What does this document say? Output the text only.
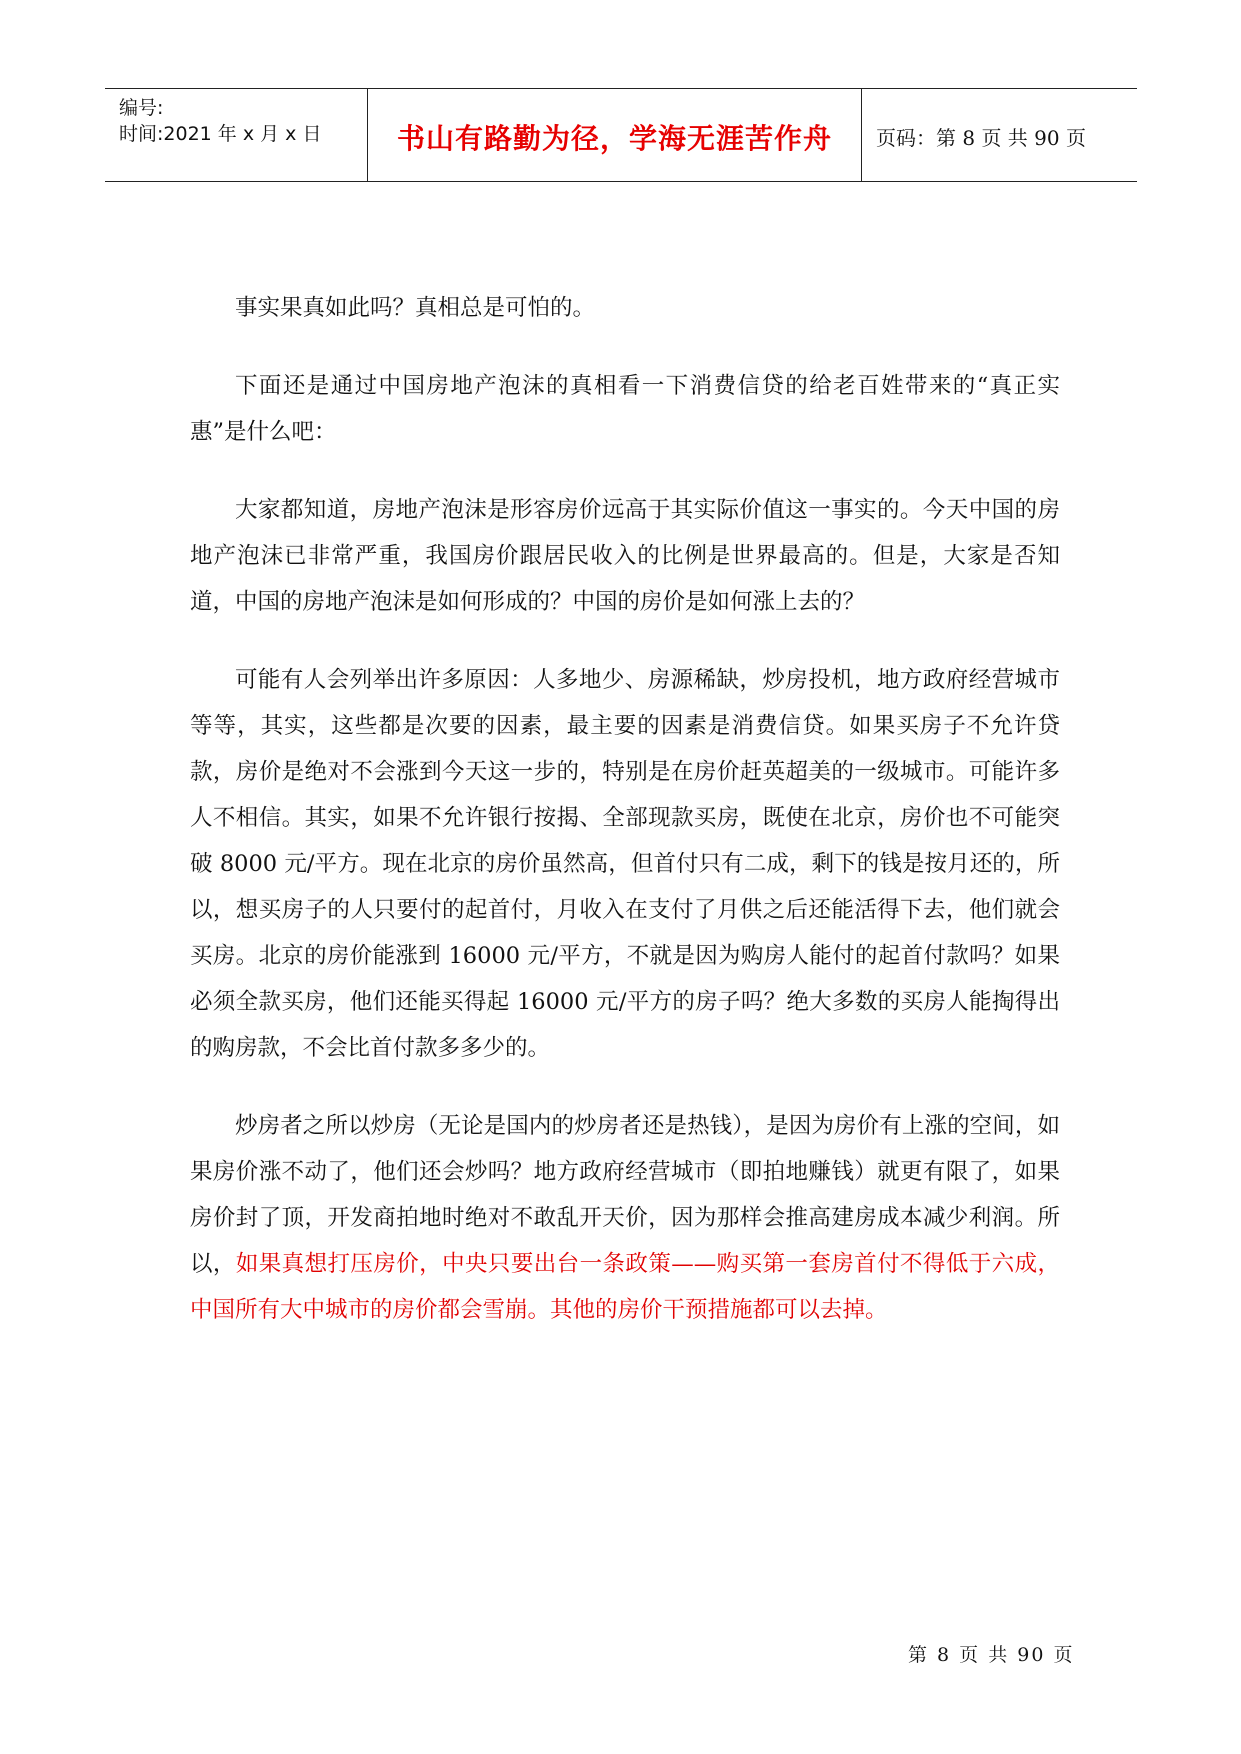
编号:
时间:2021 年 x 月 x 日	书山有路勤为径，学海无涯苦作舟	页码：第 8 页 共 90 页

事实果真如此吗？真相总是可怕的。

下面还是通过中国房地产泡沫的真相看一下消费信贷的给老百姓带来的“真正实惠”是什么吧：

大家都知道，房地产泡沫是形容房价远高于其实际价值这一事实的。今天中国的房地产泡沫已非常严重，我国房价跟居民收入的比例是世界最高的。但是，大家是否知道，中国的房地产泡沫是如何形成的？中国的房价是如何涨上去的？

可能有人会列举出许多原因：人多地少、房源稀缺，炒房投机，地方政府经营城市等等，其实，这些都是次要的因素，最主要的因素是消费信贷。如果买房子不允许贷款，房价是绝对不会涨到今天这一步的，特别是在房价赶英超美的一级城市。可能许多人不相信。其实，如果不允许银行按揭、全部现款买房，既使在北京，房价也不可能突破 8000 元/平方。现在北京的房价虽然高，但首付只有二成，剩下的钱是按月还的，所以，想买房子的人只要付的起首付，月收入在支付了月供之后还能活得下去，他们就会买房。北京的房价能涨到 16000 元/平方，不就是因为购房人能付的起首付款吗？如果必须全款买房，他们还能买得起 16000 元/平方的房子吗？绝大多数的买房人能掏得出的购房款，不会比首付款多多少的。

炒房者之所以炒房（无论是国内的炒房者还是热钱），是因为房价有上涨的空间，如果房价涨不动了，他们还会炒吗？地方政府经营城市（即拍地赚钱）就更有限了，如果房价封了顶，开发商拍地时绝对不敢乱开天价，因为那样会推高建房成本减少利润。所以，如果真想打压房价，中央只要出台一条政策——购买第一套房首付不得低于六成，中国所有大中城市的房价都会雪崩。其他的房价干预措施都可以去掉。

第 8 页 共 90 页
